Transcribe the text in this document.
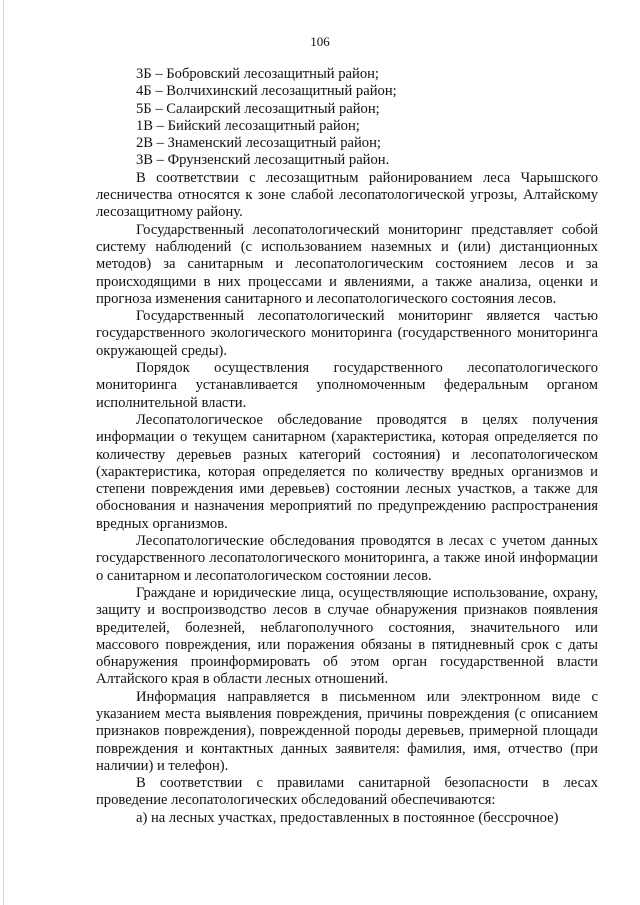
106

3Б – Бобровский лесозащитный район;

4Б – Волчихинский лесозащитный район;

5Б – Салаирский лесозащитный район;

1В – Бийский лесозащитный район;

2В – Знаменский лесозащитный район;

3В – Фрунзенский лесозащитный район.

В соответствии с лесозащитным районированием леса Чарышского лесничества относятся к зоне слабой лесопатологической угрозы, Алтайскому лесозащитному району.

Государственный лесопатологический мониторинг представляет собой систему наблюдений (с использованием наземных и (или) дистанционных методов) за санитарным и лесопатологическим состоянием лесов и за происходящими в них процессами и явлениями, а также анализа, оценки и прогноза изменения санитарного и лесопатологического состояния лесов.

Государственный лесопатологический мониторинг является частью государственного экологического мониторинга (государственного мониторинга окружающей среды).

Порядок осуществления государственного лесопатологического мониторинга устанавливается уполномоченным федеральным органом исполнительной власти.

Лесопатологическое обследование проводятся в целях получения информации о текущем санитарном (характеристика, которая определяется по количеству деревьев разных категорий состояния) и лесопатологическом (характеристика, которая определяется по количеству вредных организмов и степени повреждения ими деревьев) состоянии лесных участков, а также для обоснования и назначения мероприятий по предупреждению распространения вредных организмов.

Лесопатологические обследования проводятся в лесах с учетом данных государственного лесопатологического мониторинга, а также иной информации о санитарном и лесопатологическом состоянии лесов.

Граждане и юридические лица, осуществляющие использование, охрану, защиту и воспроизводство лесов в случае обнаружения признаков появления вредителей, болезней, неблагополучного состояния, значительного или массового повреждения, или поражения обязаны в пятидневный срок с даты обнаружения проинформировать об этом орган государственной власти Алтайского края в области лесных отношений.

Информация направляется в письменном или электронном виде с указанием места выявления повреждения, причины повреждения (с описанием признаков повреждения), поврежденной породы деревьев, примерной площади повреждения и контактных данных заявителя: фамилия, имя, отчество (при наличии) и телефон).

В соответствии с правилами санитарной безопасности в лесах проведение лесопатологических обследований обеспечиваются:

а) на лесных участках, предоставленных в постоянное (бессрочное)
